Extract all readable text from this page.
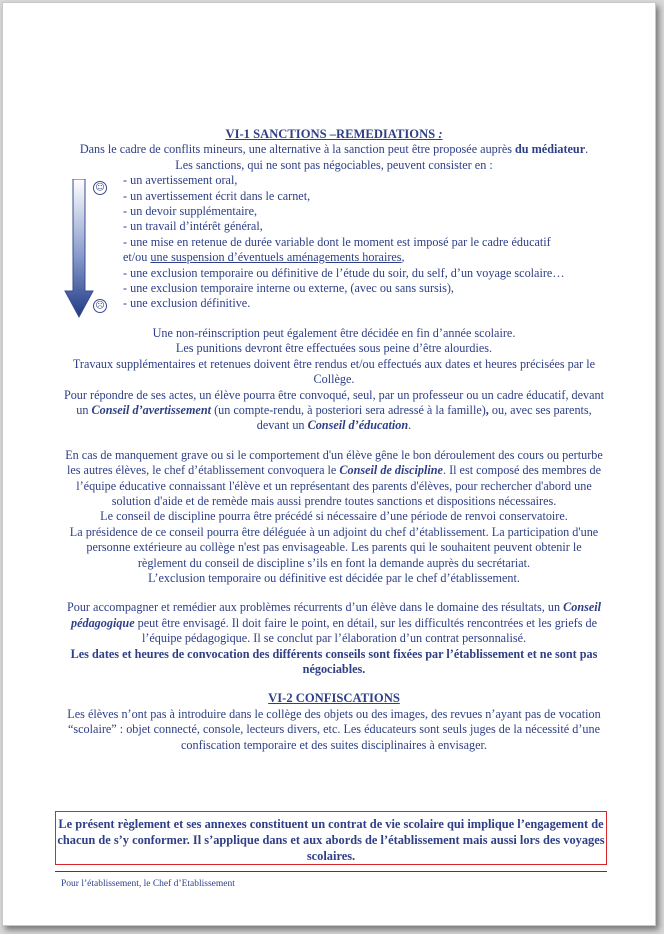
VI-1 SANCTIONS –REMEDIATIONS :
Dans le cadre de conflits mineurs, une alternative à la sanction peut être proposée auprès du médiateur.
Les sanctions, qui ne sont pas négociables, peuvent consister en :
☺
☹
- un avertissement oral,
- un avertissement écrit dans le carnet,
- un devoir supplémentaire,
- un travail d’intérêt général,
- une mise en retenue de durée variable dont le moment est imposé par le cadre éducatif
et/ou une suspension d’éventuels aménagements horaires,
- une exclusion temporaire ou définitive de l’étude du soir, du self, d’un voyage scolaire…
- une exclusion temporaire interne ou externe, (avec ou sans sursis),
- une exclusion définitive.
Une non-réinscription peut également être décidée en fin d’année scolaire.
Les punitions devront être effectuées sous peine d’être alourdies.
Travaux supplémentaires et retenues doivent être rendus et/ou effectués aux dates et heures précisées par le Collège.
Pour répondre de ses actes, un élève pourra être convoqué, seul, par un professeur ou un cadre éducatif, devant un Conseil d’avertissement (un compte-rendu, à posteriori sera adressé à la famille), ou, avec ses parents, devant un Conseil d’éducation.
En cas de manquement grave ou si le comportement d'un élève gêne le bon déroulement des cours ou perturbe les autres élèves, le chef d’établissement convoquera le Conseil de discipline. Il est composé des membres de l’équipe éducative connaissant l'élève et un représentant des parents d'élèves, pour rechercher d'abord une solution d'aide et de remède mais aussi prendre toutes sanctions et dispositions nécessaires.
Le conseil de discipline pourra être précédé si nécessaire d’une période de renvoi conservatoire.
La présidence de ce conseil pourra être déléguée à un adjoint du chef d’établissement. La participation d'une personne extérieure au collège n'est pas envisageable. Les parents qui le souhaitent peuvent obtenir le règlement du conseil de discipline s’ils en font la demande auprès du secrétariat.
L’exclusion temporaire ou définitive est décidée par le chef d’établissement.
Pour accompagner et remédier aux problèmes récurrents d’un élève dans le domaine des résultats, un Conseil pédagogique peut être envisagé. Il doit faire le point, en détail, sur les difficultés rencontrées et les griefs de l’équipe pédagogique. Il se conclut par l’élaboration d’un contrat personnalisé.
Les dates et heures de convocation des différents conseils sont fixées par l’établissement et ne sont pas négociables.
VI-2 CONFISCATIONS
Les élèves n’ont pas à introduire dans le collège des objets ou des images, des revues n’ayant pas de vocation “scolaire” : objet connecté, console, lecteurs divers, etc. Les éducateurs sont seuls juges de la nécessité d’une confiscation temporaire et des suites disciplinaires à envisager.
Le présent règlement et ses annexes constituent un contrat de vie scolaire qui implique l’engagement de chacun de s’y conformer. Il s’applique dans et aux abords de l’établissement mais aussi lors des voyages scolaires.
Pour l’établissement, le Chef d’Etablissement
